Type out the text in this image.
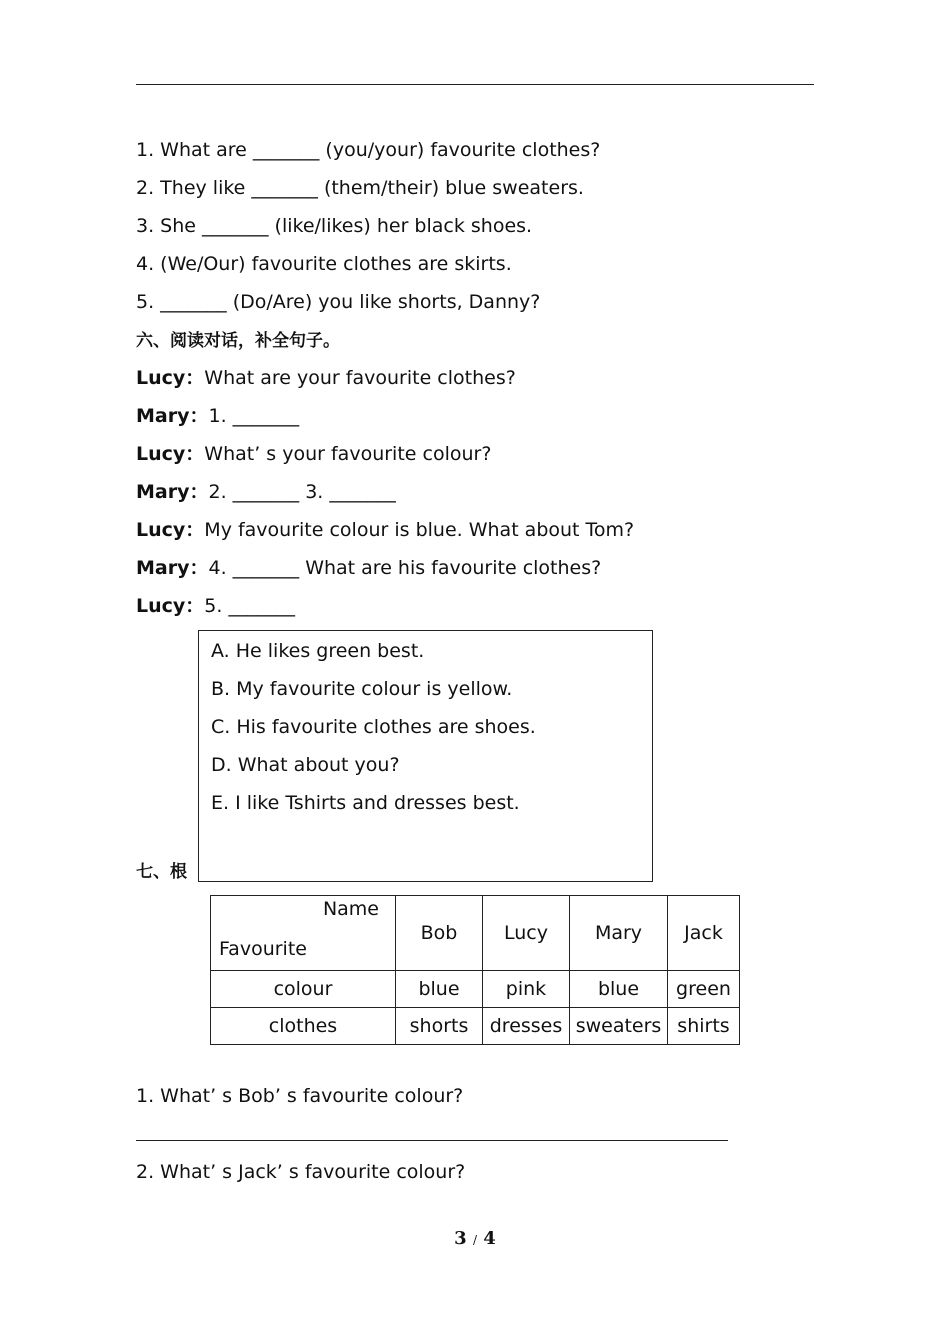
1. What are _______ (you/your) favourite clothes?
2. They like _______ (them/their) blue sweaters.
3. She _______ (like/likes) her black shoes.
4. (We/Our) favourite clothes are skirts.
5. _______ (Do/Are) you like shorts, Danny?
六、阅读对话，补全句子。
Lucy：What are your favourite clothes?
Mary：1. _______
Lucy：What’ s your favourite colour?
Mary：2. _______ 3. _______
Lucy：My favourite colour is blue. What about Tom?
Mary：4. _______ What are his favourite clothes?
Lucy：5. _______
七、根
A. He likes green best.
B. My favourite colour is yellow.
C. His favourite clothes are shoes.
D. What about you?
E. I like Tshirts and dresses best.
Name
Favourite	Bob	Lucy	Mary	Jack
colour	blue	pink	blue	green
clothes	shorts	dresses	sweaters	shirts
1. What’ s Bob’ s favourite colour?
2. What’ s Jack’ s favourite colour?
3 / 4
